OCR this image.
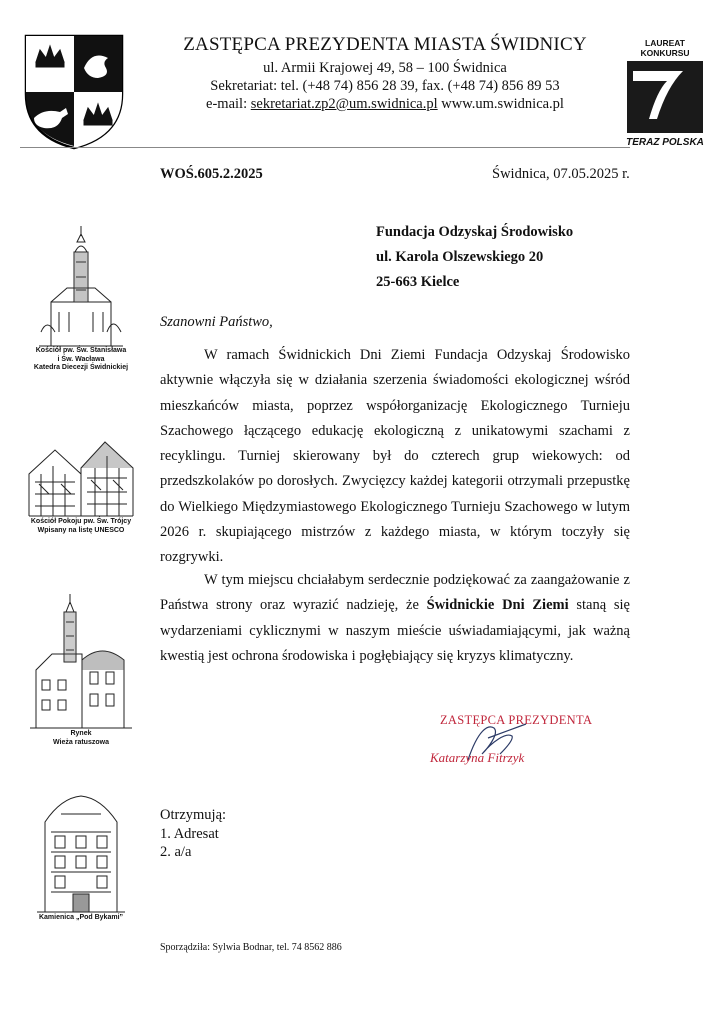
ZASTĘPCA PREZYDENTA MIASTA ŚWIDNICY
ul. Armii Krajowej 49, 58 – 100 Świdnica
Sekretariat: tel. (+48 74) 856 28 39, fax. (+48 74) 856 89 53
e-mail: sekretariat.zp2@um.swidnica.pl www.um.swidnica.pl
LAUREAT KONKURSU
TERAZ POLSKA
WOŚ.605.2.2025	Świdnica, 07.05.2025 r.
Fundacja Odzyskaj Środowisko
ul. Karola Olszewskiego 20
25-663 Kielce
Szanowni Państwo,

W ramach Świdnickich Dni Ziemi Fundacja Odzyskaj Środowisko aktywnie włączyła się w działania szerzenia świadomości ekologicznej wśród mieszkańców miasta, poprzez współorganizację Ekologicznego Turnieju Szachowego łączącego edukację ekologiczną z unikatowymi szachami z recyklingu. Turniej skierowany był do czterech grup wiekowych: od przedszkolaków po dorosłych. Zwycięzcy każdej kategorii otrzymali przepustkę do Wielkiego Międzymiastowego Ekologicznego Turnieju Szachowego w lutym 2026 r. skupiającego mistrzów z każdego miasta, w którym toczyły się rozgrywki.

W tym miejscu chciałabym serdecznie podziękować za zaangażowanie z Państwa strony oraz wyrazić nadzieję, że Świdnickie Dni Ziemi staną się wydarzeniami cyklicznymi w naszym mieście uświadamiającymi, jak ważną kwestią jest ochrona środowiska i pogłębiający się kryzys klimatyczny.

ZASTĘPCA PREZYDENTA
Katarzyna Fitrzyk
Otrzymują:
1. Adresat
2. a/a
Sporządziła: Sylwia Bodnar, tel. 74 8562 886
Kościół pw. Św. Stanisława
i Św. Wacława
Katedra Diecezji Świdnickiej
Kościół Pokoju pw. Św. Trójcy
Wpisany na listę UNESCO
Rynek
Wieża ratuszowa
Kamienica „Pod Bykami”
